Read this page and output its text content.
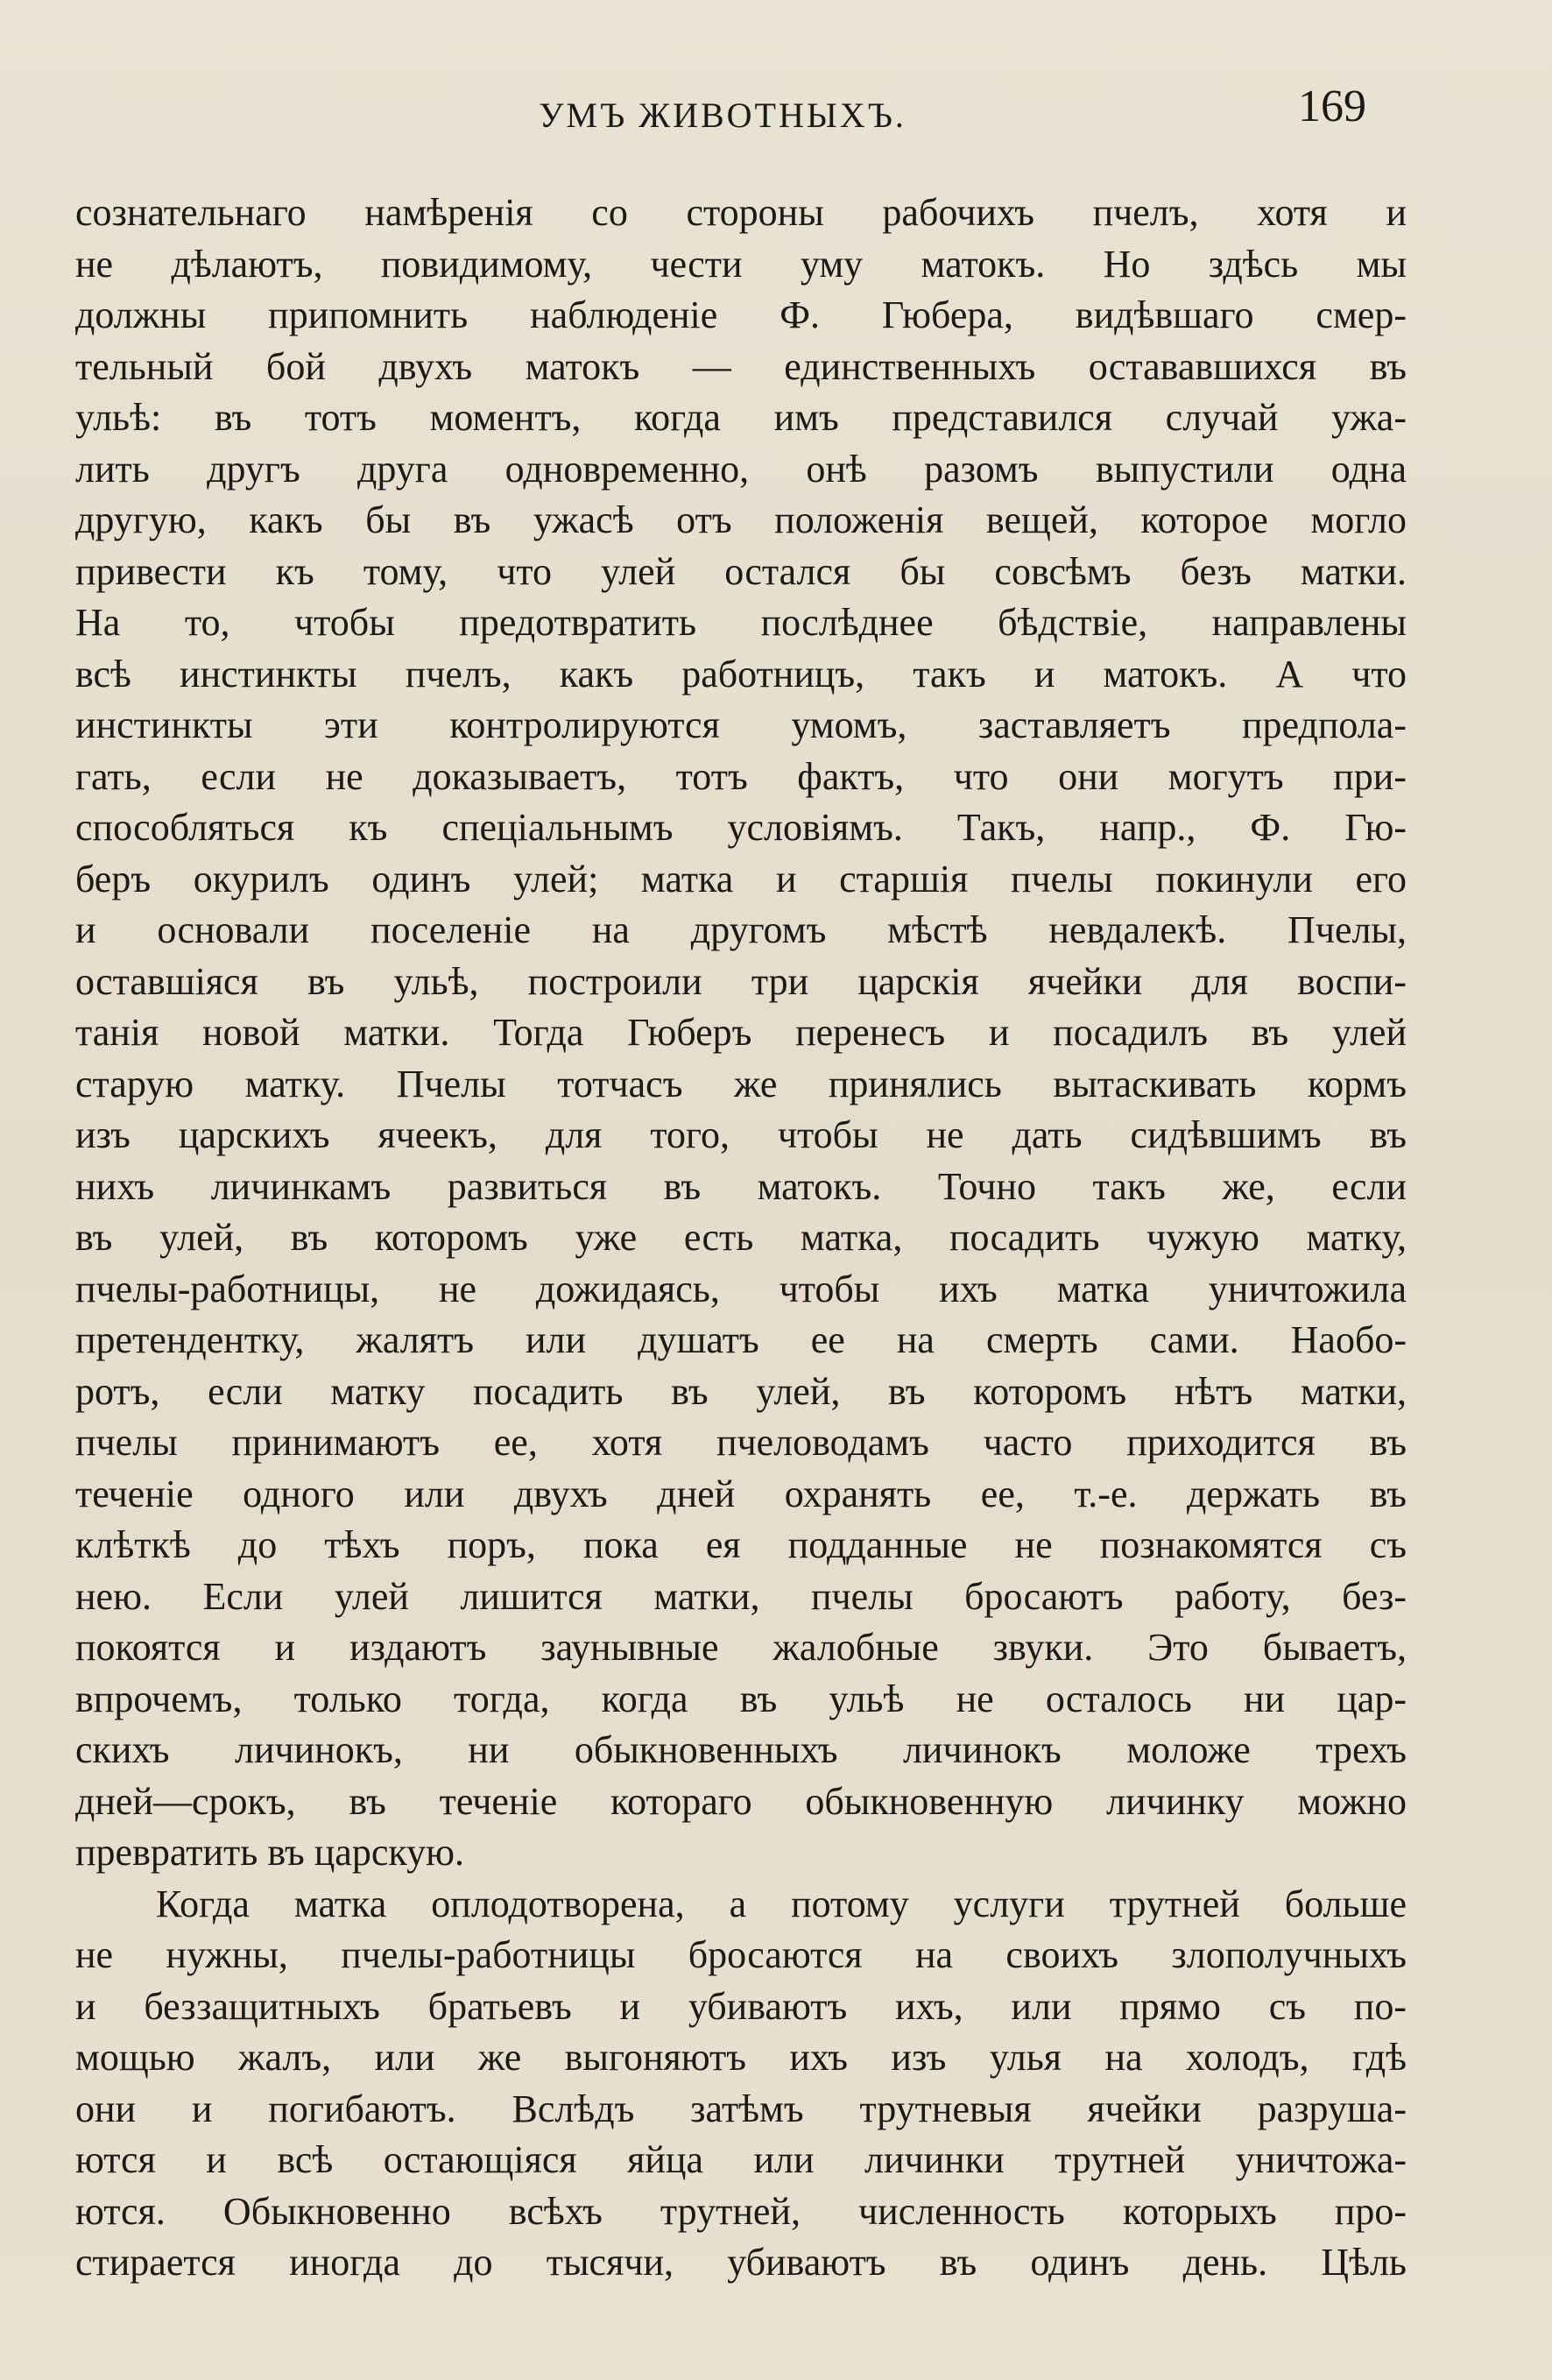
УМЪ ЖИВОТНЫХЪ.	169
сознательнаго намѣренія со стороны рабочихъ пчелъ, хотя и
не дѣлаютъ, повидимому, чести уму матокъ. Но здѣсь мы
должны припомнить наблюденіе Ф. Гюбера, видѣвшаго смер-
тельный бой двухъ матокъ — единственныхъ остававшихся въ
ульѣ: въ тотъ моментъ, когда имъ представился случай ужа-
лить другъ друга одновременно, онѣ разомъ выпустили одна
другую, какъ бы въ ужасѣ отъ положенія вещей, которое могло
привести къ тому, что улей остался бы совсѣмъ безъ матки.
На то, чтобы предотвратить послѣднее бѣдствіе, направлены
всѣ инстинкты пчелъ, какъ работницъ, такъ и матокъ. А что
инстинкты эти контролируются умомъ, заставляетъ предпола-
гать, если не доказываетъ, тотъ фактъ, что они могутъ при-
способляться къ спеціальнымъ условіямъ. Такъ, напр., Ф. Гю-
беръ окурилъ одинъ улей; матка и старшія пчелы покинули его
и основали поселеніе на другомъ мѣстѣ невдалекѣ. Пчелы,
оставшіяся въ ульѣ, построили три царскія ячейки для воспи-
танія новой матки. Тогда Гюберъ перенесъ и посадилъ въ улей
старую матку. Пчелы тотчасъ же принялись вытаскивать кормъ
изъ царскихъ ячеекъ, для того, чтобы не дать сидѣвшимъ въ
нихъ личинкамъ развиться въ матокъ. Точно такъ же, если
въ улей, въ которомъ уже есть матка, посадить чужую матку,
пчелы-работницы, не дожидаясь, чтобы ихъ матка уничтожила
претендентку, жалятъ или душатъ ее на смерть сами. Наобо-
ротъ, если матку посадить въ улей, въ которомъ нѣтъ матки,
пчелы принимаютъ ее, хотя пчеловодамъ часто приходится въ
теченіе одного или двухъ дней охранять ее, т.-е. держать въ
клѣткѣ до тѣхъ поръ, пока ея подданные не познакомятся съ
нею. Если улей лишится матки, пчелы бросаютъ работу, без-
покоятся и издаютъ заунывные жалобные звуки. Это бываетъ,
впрочемъ, только тогда, когда въ ульѣ не осталось ни цар-
скихъ личинокъ, ни обыкновенныхъ личинокъ моложе трехъ
дней—срокъ, въ теченіе котораго обыкновенную личинку можно
превратить въ царскую.
Когда матка оплодотворена, а потому услуги трутней больше
не нужны, пчелы-работницы бросаются на своихъ злополучныхъ
и беззащитныхъ братьевъ и убиваютъ ихъ, или прямо съ по-
мощью жалъ, или же выгоняютъ ихъ изъ улья на холодъ, гдѣ
они и погибаютъ. Вслѣдъ затѣмъ трутневыя ячейки разруша-
ются и всѣ остающіяся яйца или личинки трутней уничтожа-
ются. Обыкновенно всѣхъ трутней, численность которыхъ про-
стирается иногда до тысячи, убиваютъ въ одинъ день. Цѣль
